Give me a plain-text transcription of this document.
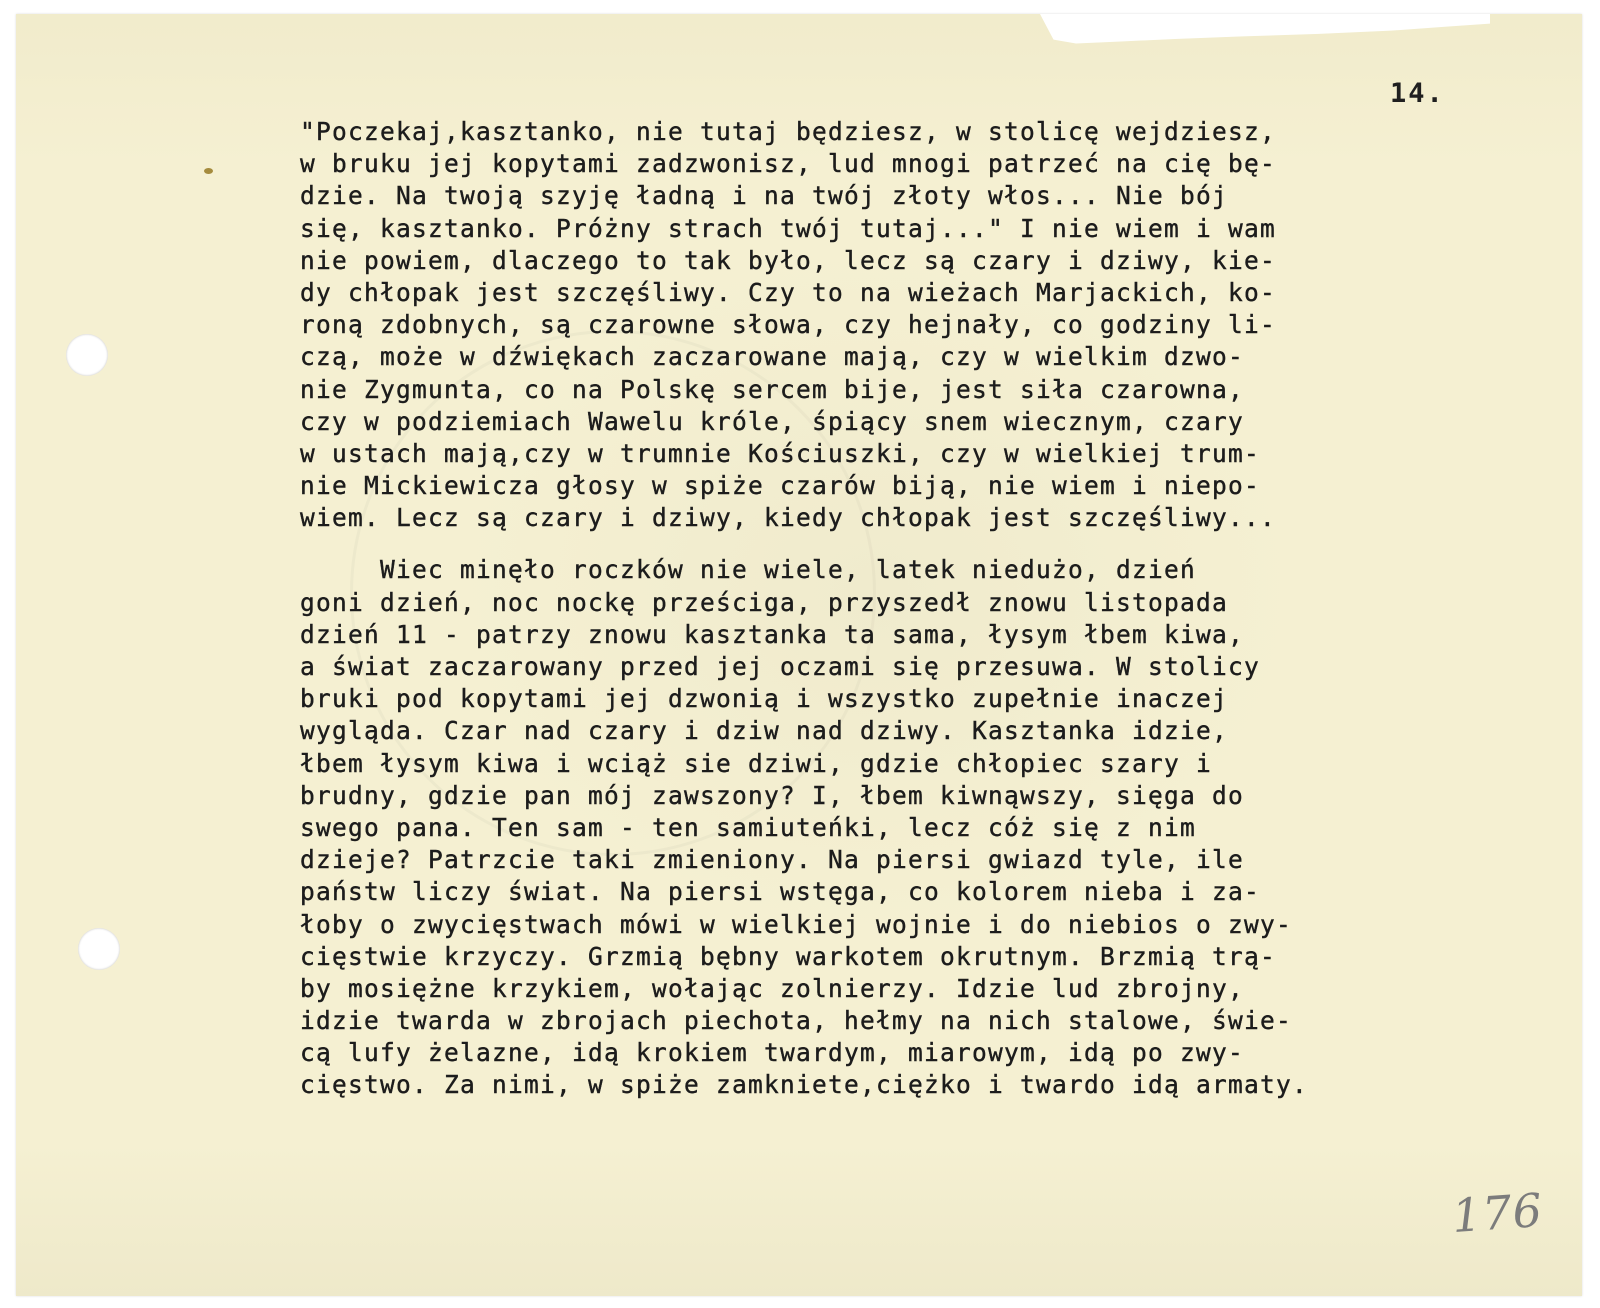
14.
"Poczekaj,kasztanko, nie tutaj będziesz, w stolicę wejdziesz,
w bruku jej kopytami zadzwonisz, lud mnogi patrzeć na cię bę-
dzie. Na twoją szyję ładną i na twój złoty włos... Nie bój
się, kasztanko. Próżny strach twój tutaj..." I nie wiem i wam
nie powiem, dlaczego to tak było, lecz są czary i dziwy, kie-
dy chłopak jest szczęśliwy. Czy to na wieżach Marjackich, ko-
roną zdobnych, są czarowne słowa, czy hejnały, co godziny li-
czą, może w dźwiękach zaczarowane mają, czy w wielkim dzwo-
nie Zygmunta, co na Polskę sercem bije, jest siła czarowna,
czy w podziemiach Wawelu królе, śpiący snem wiecznym, czary
w ustach mają,czy w trumnie Kościuszki, czy w wielkiej trum-
nie Mickiewicza głosy w spiże czarów biją, nie wiem i niepo-
wiem. Lecz są czary i dziwy, kiedy chłopak jest szczęśliwy...
Wiec minęło roczków nie wiele, latek niedużo, dzień
goni dzień, noc nockę prześciga, przyszedł znowu listopada
dzień 11 - patrzy znowu kasztanka ta sama, łysym łbem kiwa,
a świat zaczarowany przed jej oczami się przesuwa. W stolicy
bruki pod kopytami jej dzwonią i wszystko zupełnie inaczej
wygląda. Czar nad czary i dziw nad dziwy. Kasztanka idzie,
łbem łysym kiwa i wciąż sie dziwi, gdzie chłopiec szary i
brudny, gdzie pan mój zawszony? I, łbem kiwnąwszy, sięga do
swego pana. Ten sam - ten samiuteńki, lecz cóż się z nim
dzieje? Patrzcie taki zmieniony. Na piersi gwiazd tyle, ile
państw liczy świat. Na piersi wstęga, co kolorem nieba i za-
łoby o zwycięstwach mówi w wielkiej wojnie i do niebios o zwy-
cięstwie krzyczy. Grzmią bębny warkotem okrutnym. Brzmią trą-
by mosiężne krzykiem, wołając zolnierzy. Idzie lud zbrojny,
idzie twarda w zbrojach piechota, hełmy na nich stalowe, świe-
cą lufy żelazne, idą krokiem twardym, miarowym, idą po zwy-
cięstwo. Za nimi, w spiże zamkniete,ciężko i twardo idą armaty.
176
